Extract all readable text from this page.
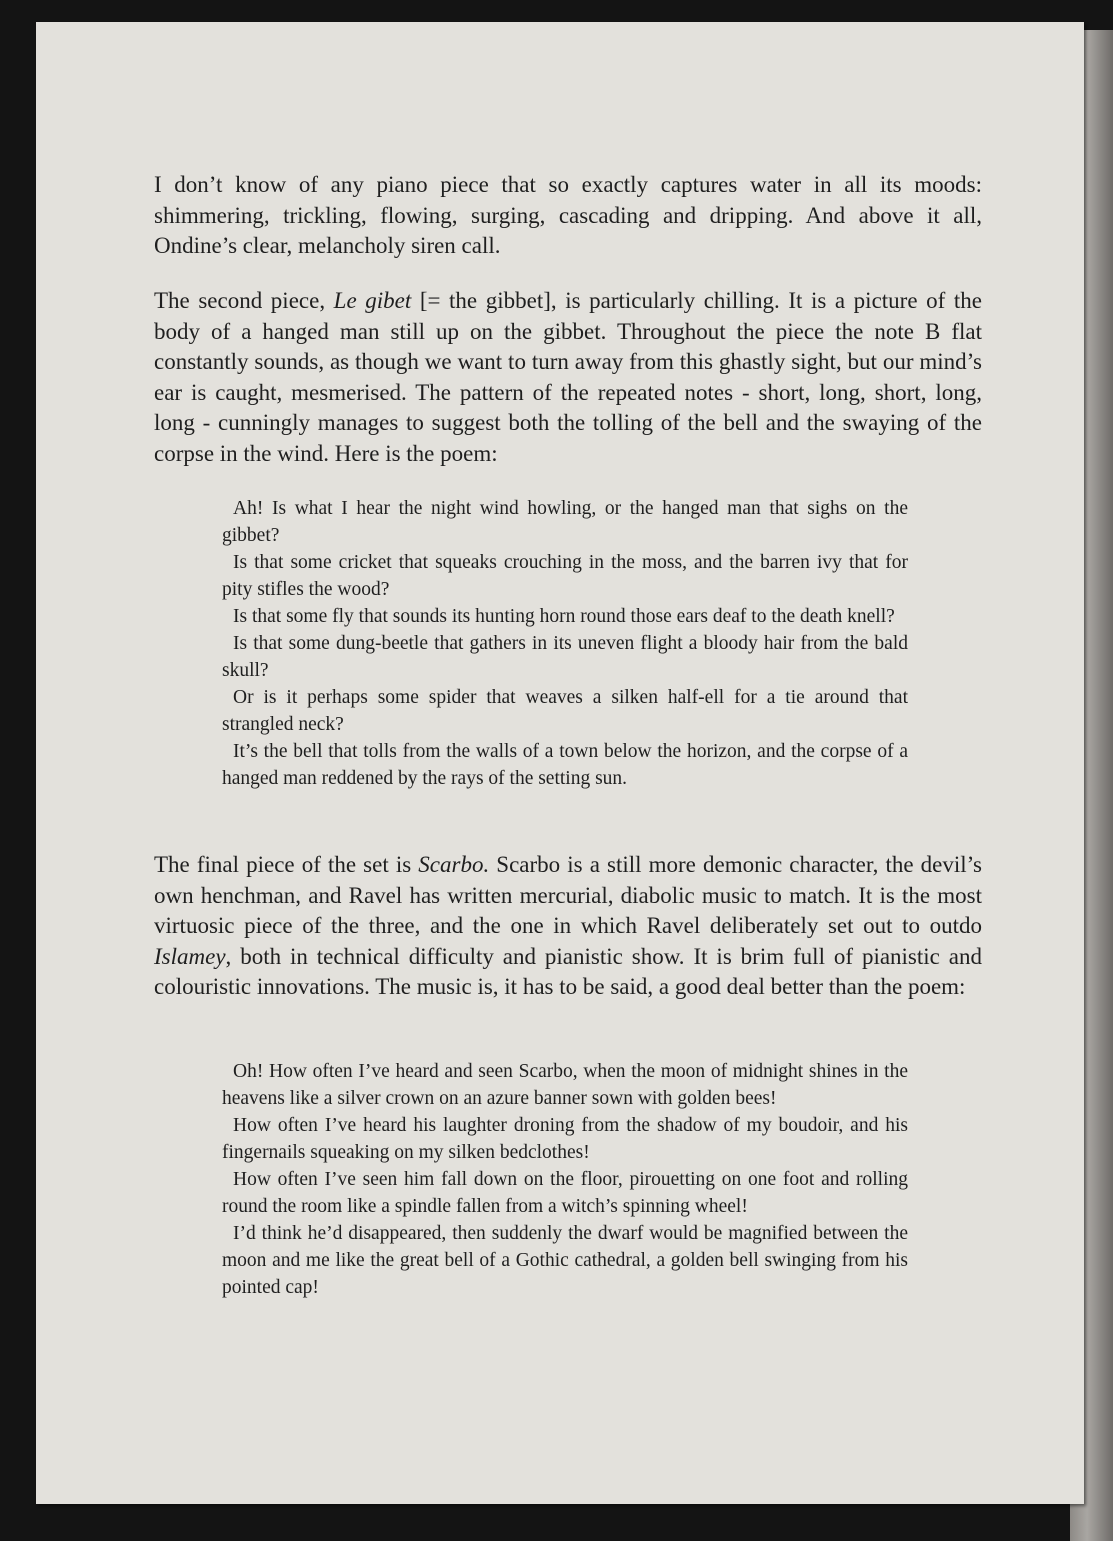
I don’t know of any piano piece that so exactly captures water in all its moods: shimmering, trickling, flowing, surging, cascading and dripping. And above it all, Ondine’s clear, melancholy siren call.

The second piece, Le gibet [= the gibbet], is particularly chilling. It is a picture of the body of a hanged man still up on the gibbet. Throughout the piece the note B flat constantly sounds, as though we want to turn away from this ghastly sight, but our mind’s ear is caught, mesmerised. The pattern of the repeated notes - short, long, short, long, long - cunningly manages to suggest both the tolling of the bell and the swaying of the corpse in the wind. Here is the poem:

Ah! Is what I hear the night wind howling, or the hanged man that sighs on the gibbet?

Is that some cricket that squeaks crouching in the moss, and the barren ivy that for pity stifles the wood?

Is that some fly that sounds its hunting horn round those ears deaf to the death knell?

Is that some dung-beetle that gathers in its uneven flight a bloody hair from the bald skull?

Or is it perhaps some spider that weaves a silken half-ell for a tie around that strangled neck?

It’s the bell that tolls from the walls of a town below the horizon, and the corpse of a hanged man reddened by the rays of the setting sun.

The final piece of the set is Scarbo. Scarbo is a still more demonic character, the devil’s own henchman, and Ravel has written mercurial, diabolic music to match. It is the most virtuosic piece of the three, and the one in which Ravel deliberately set out to outdo Islamey, both in technical difficulty and pianistic show. It is brim full of pianistic and colouristic innovations. The music is, it has to be said, a good deal better than the poem:

Oh! How often I’ve heard and seen Scarbo, when the moon of midnight shines in the heavens like a silver crown on an azure banner sown with golden bees!

How often I’ve heard his laughter droning from the shadow of my boudoir, and his fingernails squeaking on my silken bedclothes!

How often I’ve seen him fall down on the floor, pirouetting on one foot and rolling round the room like a spindle fallen from a witch’s spinning wheel!

I’d think he’d disappeared, then suddenly the dwarf would be magnified between the moon and me like the great bell of a Gothic cathedral, a golden bell swinging from his pointed cap!
